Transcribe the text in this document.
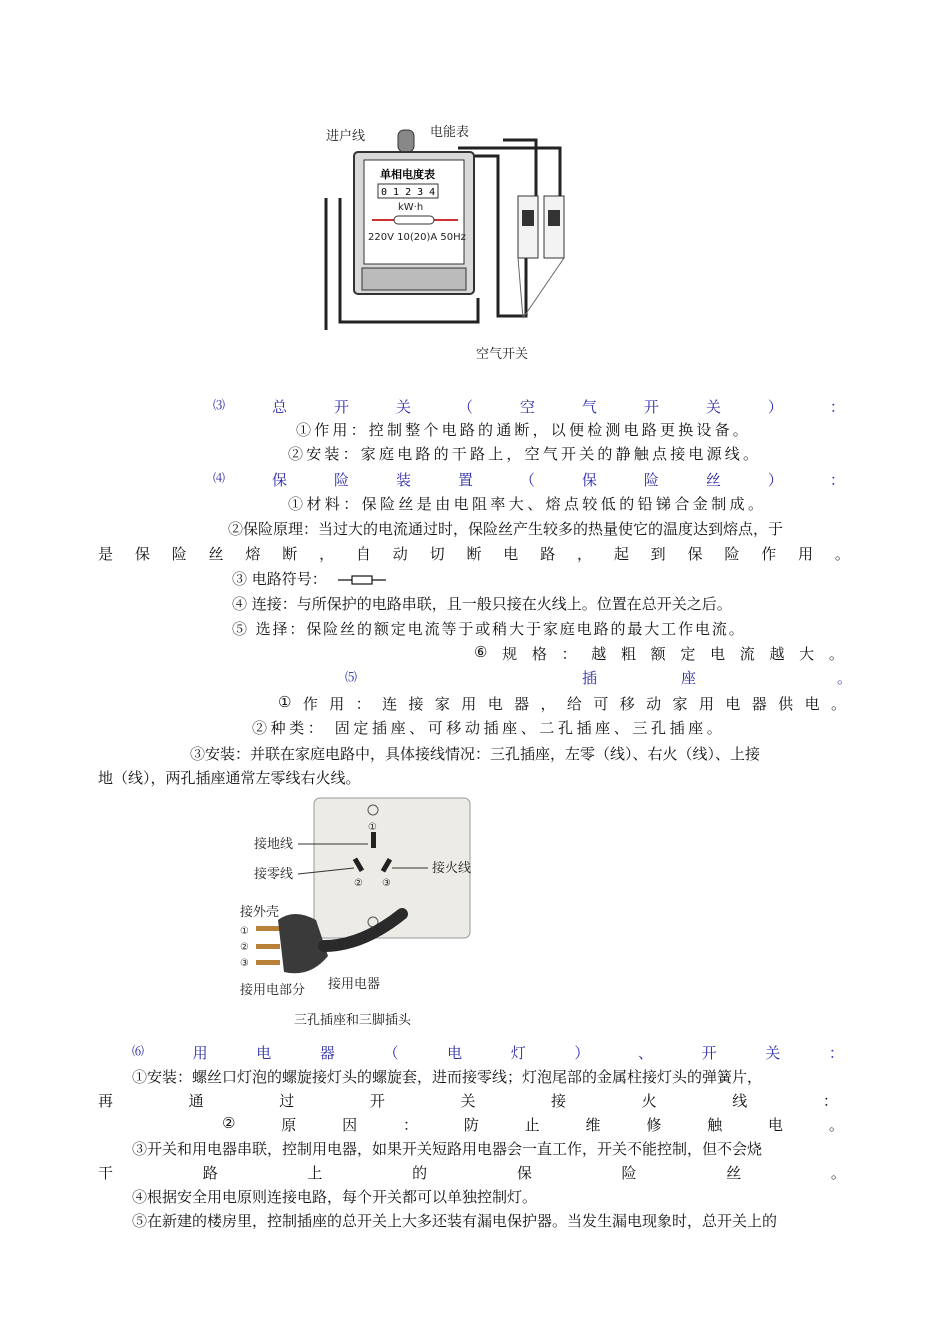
进户线	电能表
单相电度表
0 1 2 3 4
kW·h
220V 10(20)A 50Hz
空气开关
⑶	总	开	关	（	空	气	开	关	）	：
①作用：控制整个电路的通断，以便检测电路更换设备。
②安装：家庭电路的干路上，空气开关的静触点接电源线。
⑷	保	险	装	置	（	保	险	丝	）	：
①材料：保险丝是由电阻率大、熔点较低的铅锑合金制成。
②保险原理：当过大的电流通过时，保险丝产生较多的热量使它的温度达到熔点，于
是 保 险 丝 熔 断 ， 自 动 切 断 电 路 ， 起 到 保 险 作 用 。
③ 电路符号：
④ 连接：与所保护的电路串联，且一般只接在火线上。位置在总开关之后。
⑤ 选择：保险丝的额定电流等于或稍大于家庭电路的最大工作电流。
⑥ 规 格 ： 越 粗 额 定 电 流 越 大 。
⑸	插	座	。
① 作 用 ： 连 接 家 用 电 器 ， 给 可 移 动 家 用 电 器 供 电 。
②种类： 固定插座、可移动插座、二孔插座、三孔插座。
③安装：并联在家庭电路中，具体接线情况：三孔插座，左零（线）、右火（线）、上接
地（线），两孔插座通常左零线右火线。
①
② ③
接地线
接零线	接火线
接外壳
①
②
③
接用电部分 接用电器
三孔插座和三脚插头
⑹	用	电	器	（	电	灯	）	、	开	关	：
①安装：螺丝口灯泡的螺旋接灯头的螺旋套，进而接零线；灯泡尾部的金属柱接灯头的弹簧片，
再	通	过	开	关	接	火	线	：
②	原	因	：	防	止	维	修	触	电	。
③开关和用电器串联，控制用电器，如果开关短路用电器会一直工作，开关不能控制，但不会烧
干	路	上	的	保	险	丝	。
④根据安全用电原则连接电路，每个开关都可以单独控制灯。
⑤在新建的楼房里，控制插座的总开关上大多还装有漏电保护器。当发生漏电现象时，总开关上的
